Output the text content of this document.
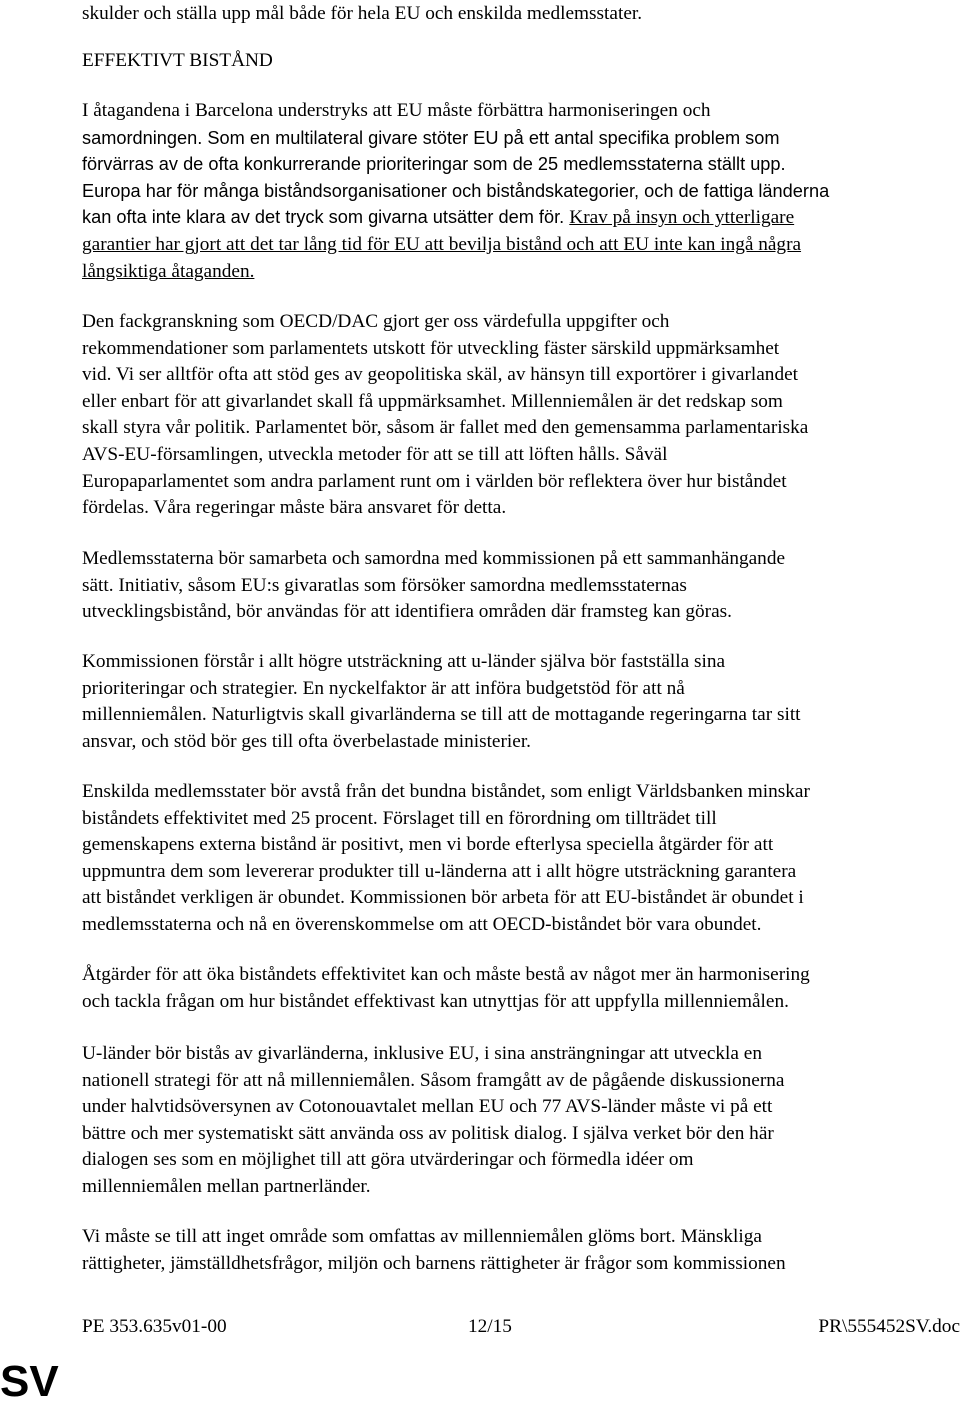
skulder och ställa upp mål både för hela EU och enskilda medlemsstater.

EFFEKTIVT BISTÅND

I åtagandena i Barcelona understryks att EU måste förbättra harmoniseringen och
samordningen. Som en multilateral givare stöter EU på ett antal specifika problem som
förvärras av de ofta konkurrerande prioriteringar som de 25 medlemsstaterna ställt upp.
Europa har för många biståndsorganisationer och biståndskategorier, och de fattiga länderna
kan ofta inte klara av det tryck som givarna utsätter dem för. Krav på insyn och ytterligare
garantier har gjort att det tar lång tid för EU att bevilja bistånd och att EU inte kan ingå några
långsiktiga åtaganden.
Den fackgranskning som OECD/DAC gjort ger oss värdefulla uppgifter och
rekommendationer som parlamentets utskott för utveckling fäster särskild uppmärksamhet
vid. Vi ser alltför ofta att stöd ges av geopolitiska skäl, av hänsyn till exportörer i givarlandet
eller enbart för att givarlandet skall få uppmärksamhet. Millenniemålen är det redskap som
skall styra vår politik. Parlamentet bör, såsom är fallet med den gemensamma parlamentariska
AVS-EU-församlingen, utveckla metoder för att se till att löften hålls. Såväl
Europaparlamentet som andra parlament runt om i världen bör reflektera över hur biståndet
fördelas. Våra regeringar måste bära ansvaret för detta.
Medlemsstaterna bör samarbeta och samordna med kommissionen på ett sammanhängande
sätt. Initiativ, såsom EU:s givaratlas som försöker samordna medlemsstaternas
utvecklingsbistånd, bör användas för att identifiera områden där framsteg kan göras.
Kommissionen förstår i allt högre utsträckning att u-länder själva bör fastställa sina
prioriteringar och strategier. En nyckelfaktor är att införa budgetstöd för att nå
millenniemålen. Naturligtvis skall givarländerna se till att de mottagande regeringarna tar sitt
ansvar, och stöd bör ges till ofta överbelastade ministerier.
Enskilda medlemsstater bör avstå från det bundna biståndet, som enligt Världsbanken minskar
biståndets effektivitet med 25 procent. Förslaget till en förordning om tillträdet till
gemenskapens externa bistånd är positivt, men vi borde efterlysa speciella åtgärder för att
uppmuntra dem som levererar produkter till u-länderna att i allt högre utsträckning garantera
att biståndet verkligen är obundet. Kommissionen bör arbeta för att EU-biståndet är obundet i
medlemsstaterna och nå en överenskommelse om att OECD-biståndet bör vara obundet.
Åtgärder för att öka biståndets effektivitet kan och måste bestå av något mer än harmonisering
och tackla frågan om hur biståndet effektivast kan utnyttjas för att uppfylla millenniemålen.
U-länder bör bistås av givarländerna, inklusive EU, i sina ansträngningar att utveckla en
nationell strategi för att nå millenniemålen. Såsom framgått av de pågående diskussionerna
under halvtidsöversynen av Cotonouavtalet mellan EU och 77 AVS-länder måste vi på ett
bättre och mer systematiskt sätt använda oss av politisk dialog. I själva verket bör den här
dialogen ses som en möjlighet till att göra utvärderingar och förmedla idéer om
millenniemålen mellan partnerländer.
Vi måste se till att inget område som omfattas av millenniemålen glöms bort. Mänskliga
rättigheter, jämställdhetsfrågor, miljön och barnens rättigheter är frågor som kommissionen
PE 353.635v01-00	12/15	PR\555452SV.doc
SV
